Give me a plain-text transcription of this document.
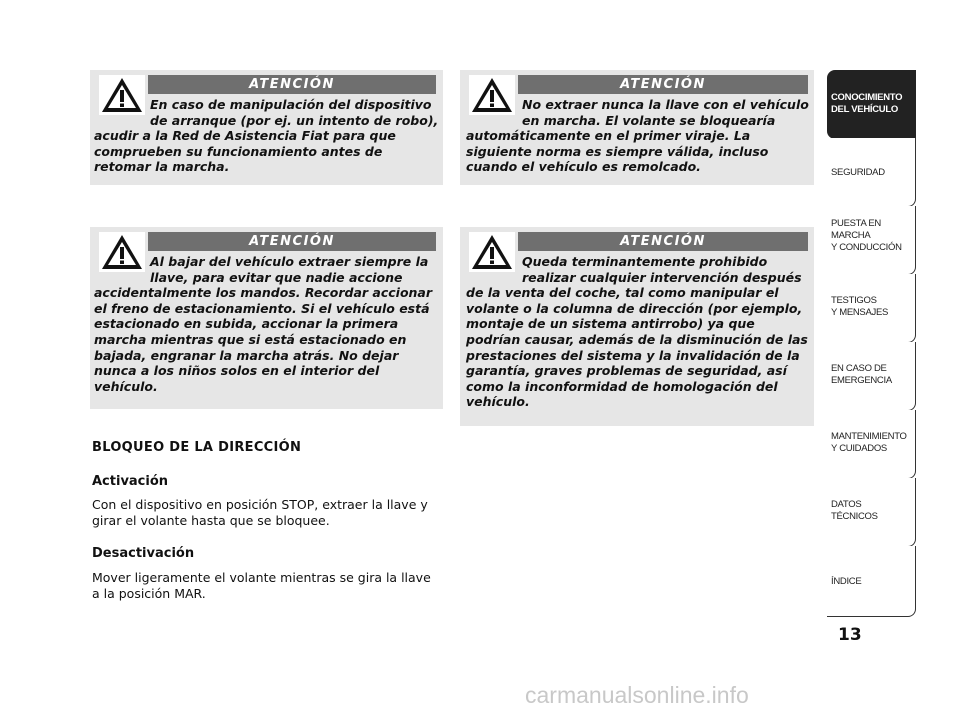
ATENCIÓN
En caso de manipulación del dispositivo de arranque (por ej. un intento de robo), acudir a la Red de Asistencia Fiat para que comprueben su funcionamiento antes de retomar la marcha.
ATENCIÓN
No extraer nunca la llave con el vehículo en marcha. El volante se bloquearía automáticamente en el primer viraje. La siguiente norma es siempre válida, incluso cuando el vehículo es remolcado.
ATENCIÓN
Al bajar del vehículo extraer siempre la llave, para evitar que nadie accione accidentalmente los mandos. Recordar accionar el freno de estacionamiento. Si el vehículo está estacionado en subida, accionar la primera marcha mientras que si está estacionado en bajada, engranar la marcha atrás. No dejar nunca a los niños solos en el interior del vehículo.
ATENCIÓN
Queda terminantemente prohibido realizar cualquier intervención después de la venta del coche, tal como manipular el volante o la columna de dirección (por ejemplo, montaje de un sistema antirrobo) ya que podrían causar, además de la disminución de las prestaciones del sistema y la invalidación de la garantía, graves problemas de seguridad, así como la inconformidad de homologación del vehículo.
BLOQUEO DE LA DIRECCIÓN
Activación
Con el dispositivo en posición STOP, extraer la llave y girar el volante hasta que se bloquee.
Desactivación
Mover ligeramente el volante mientras se gira la llave a la posición MAR.
CONOCIMIENTO
DEL VEHÍCULO
SEGURIDAD
PUESTA EN
MARCHA
Y CONDUCCIÓN
TESTIGOS
Y MENSAJES
EN CASO DE
EMERGENCIA
MANTENIMIENTO
Y CUIDADOS
DATOS
TÉCNICOS
ÍNDICE
13
carmanualsonline.info
